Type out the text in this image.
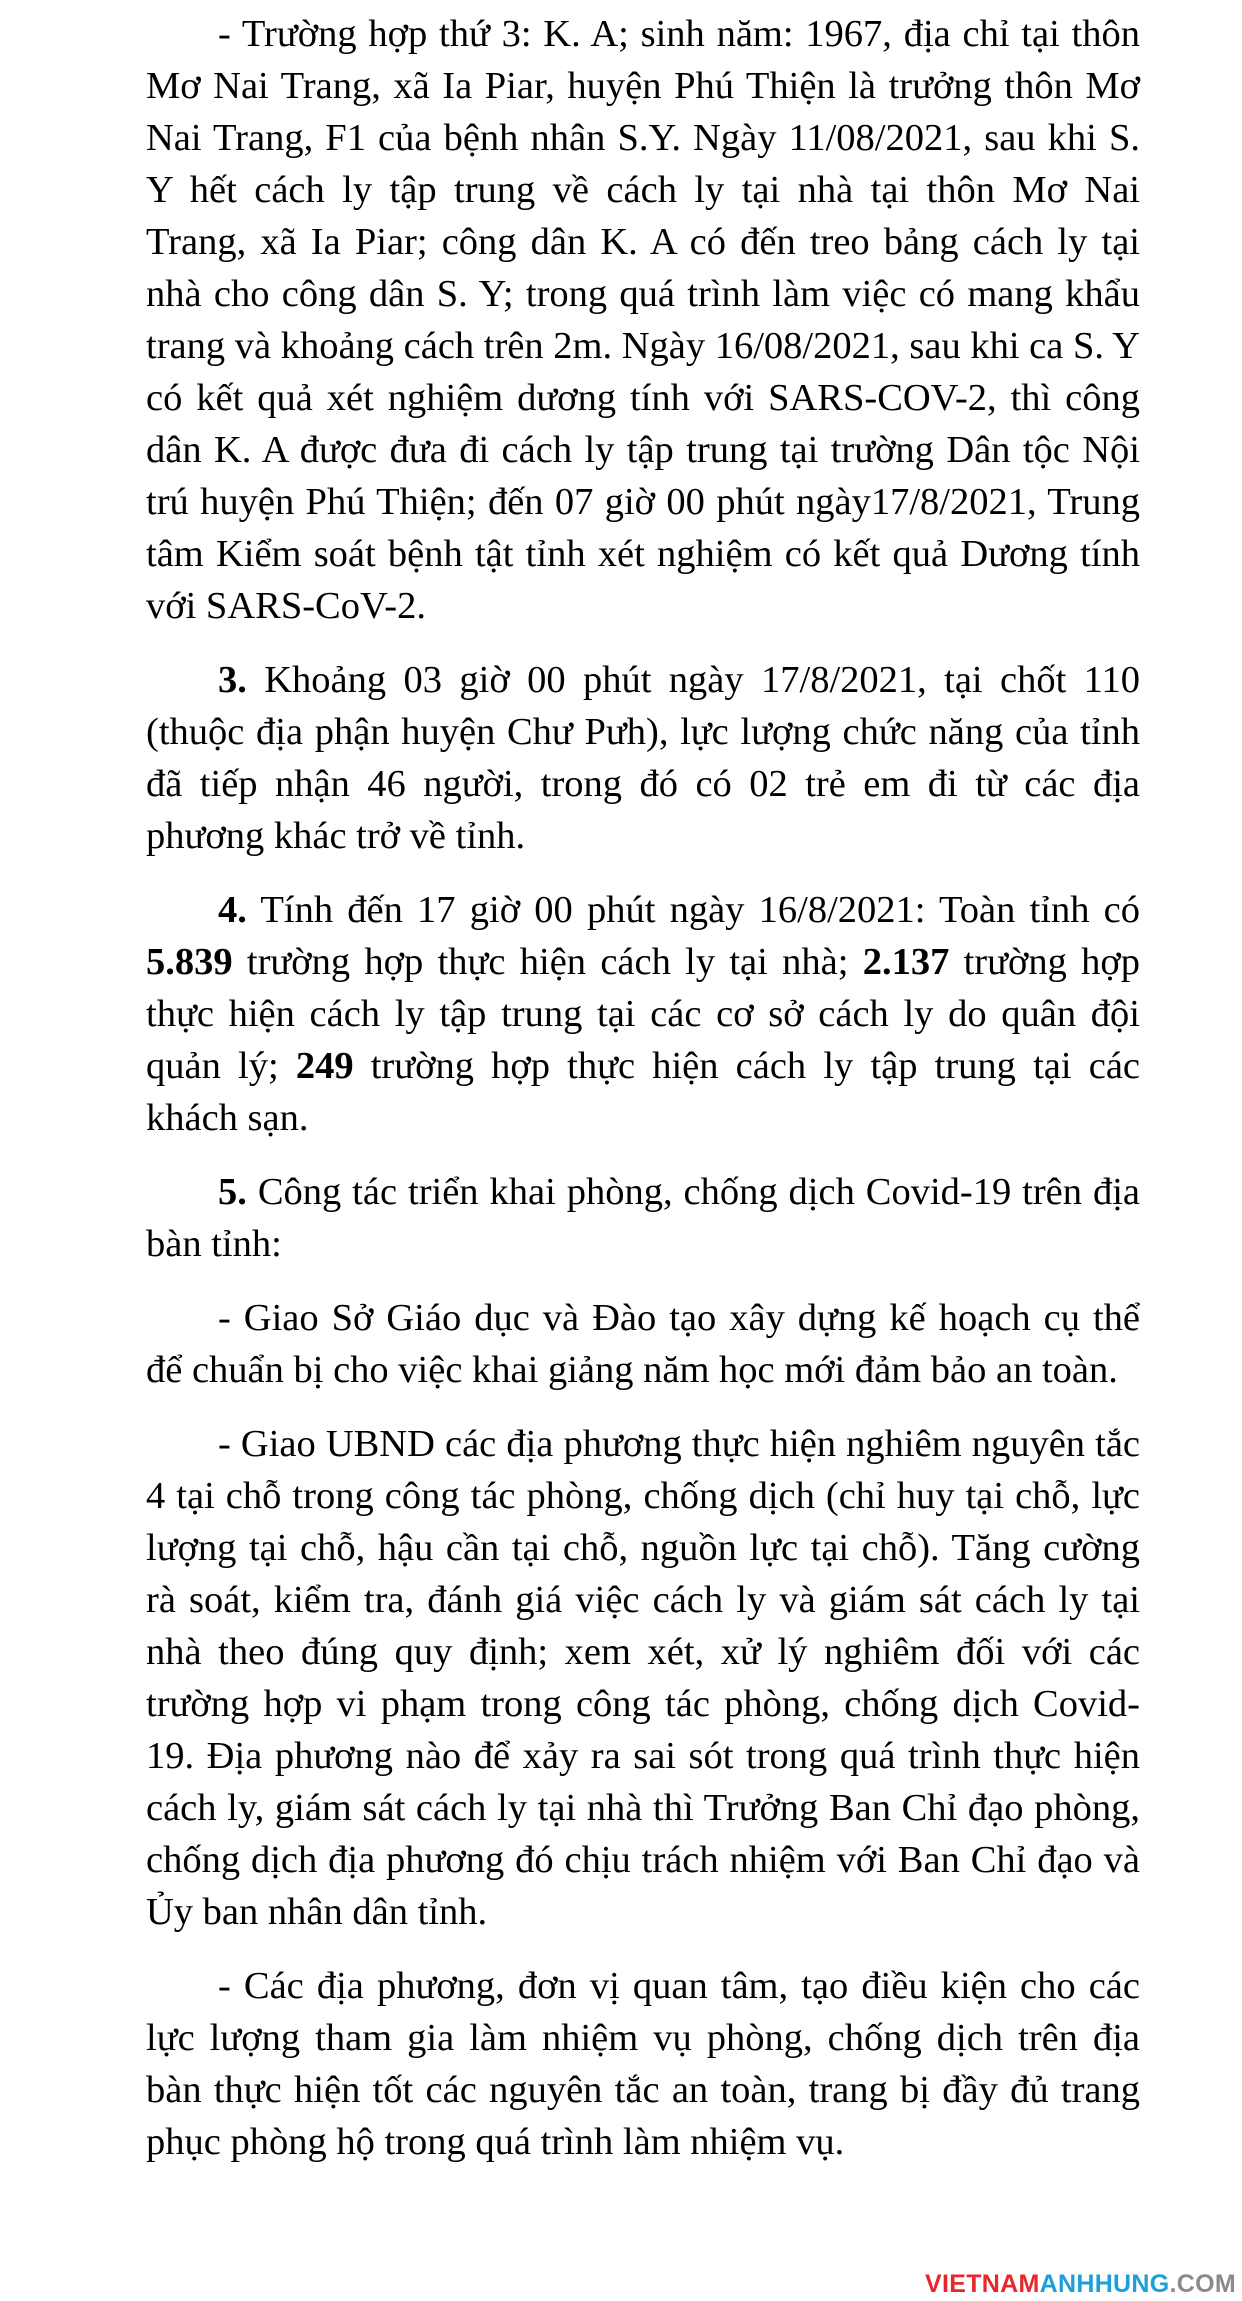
- Trường hợp thứ 3: K. A; sinh năm: 1967, địa chỉ tại thôn Mơ Nai Trang, xã Ia Piar, huyện Phú Thiện là trưởng thôn Mơ Nai Trang, F1 của bệnh nhân S.Y. Ngày 11/08/2021, sau khi S. Y hết cách ly tập trung về cách ly tại nhà tại thôn Mơ Nai Trang, xã Ia Piar; công dân K. A có đến treo bảng cách ly tại nhà cho công dân S. Y; trong quá trình làm việc có mang khẩu trang và khoảng cách trên 2m. Ngày 16/08/2021, sau khi ca S. Y có kết quả xét nghiệm dương tính với SARS-COV-2, thì công dân K. A được đưa đi cách ly tập trung tại trường Dân tộc Nội trú huyện Phú Thiện; đến 07 giờ 00 phút ngày17/8/2021, Trung tâm Kiểm soát bệnh tật tỉnh xét nghiệm có kết quả Dương tính với SARS-CoV-2.

3. Khoảng 03 giờ 00 phút ngày 17/8/2021, tại chốt 110 (thuộc địa phận huyện Chư Pưh), lực lượng chức năng của tỉnh đã tiếp nhận 46 người, trong đó có 02 trẻ em đi từ các địa phương khác trở về tỉnh.

4. Tính đến 17 giờ 00 phút ngày 16/8/2021: Toàn tỉnh có 5.839 trường hợp thực hiện cách ly tại nhà; 2.137 trường hợp thực hiện cách ly tập trung tại các cơ sở cách ly do quân đội quản lý; 249 trường hợp thực hiện cách ly tập trung tại các khách sạn.

5. Công tác triển khai phòng, chống dịch Covid-19 trên địa bàn tỉnh:

- Giao Sở Giáo dục và Đào tạo xây dựng kế hoạch cụ thể để chuẩn bị cho việc khai giảng năm học mới đảm bảo an toàn.

- Giao UBND các địa phương thực hiện nghiêm nguyên tắc 4 tại chỗ trong công tác phòng, chống dịch (chỉ huy tại chỗ, lực lượng tại chỗ, hậu cần tại chỗ, nguồn lực tại chỗ). Tăng cường rà soát, kiểm tra, đánh giá việc cách ly và giám sát cách ly tại nhà theo đúng quy định; xem xét, xử lý nghiêm đối với các trường hợp vi phạm trong công tác phòng, chống dịch Covid-19. Địa phương nào để xảy ra sai sót trong quá trình thực hiện cách ly, giám sát cách ly tại nhà thì Trưởng Ban Chỉ đạo phòng, chống dịch địa phương đó chịu trách nhiệm với Ban Chỉ đạo và Ủy ban nhân dân tỉnh.

- Các địa phương, đơn vị quan tâm, tạo điều kiện cho các lực lượng tham gia làm nhiệm vụ phòng, chống dịch trên địa bàn thực hiện tốt các nguyên tắc an toàn, trang bị đầy đủ trang phục phòng hộ trong quá trình làm nhiệm vụ.

VIETNAMANHHUNG.COM
